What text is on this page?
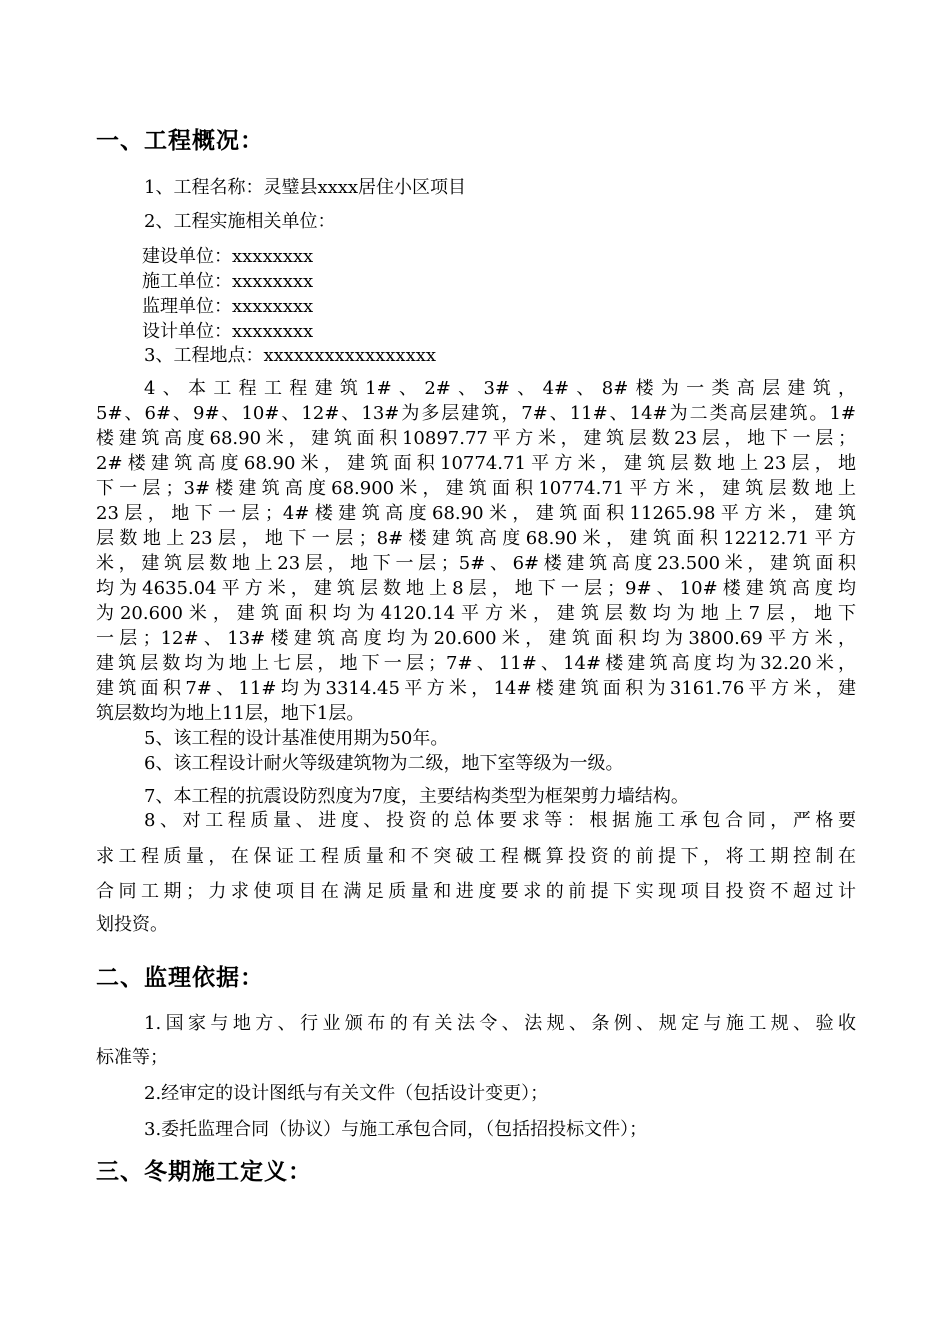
一、工程概况：
1、工程名称：灵璧县xxxx居住小区项目
2、工程实施相关单位：
建设单位：xxxxxxxx
施工单位：xxxxxxxx
监理单位：xxxxxxxx
设计单位：xxxxxxxx
3、工程地点：xxxxxxxxxxxxxxxxx
4、本工程工程建筑1#、2#、3#、4#、8#楼为一类高层建筑，
5#、6#、9#、10#、12#、13#为多层建筑，7#、11#、14#为二类高层建筑。1#
楼建筑高度68.90米，建筑面积10897.77平方米，建筑层数23层，地下一层；
2#楼建筑高度68.90米，建筑面积10774.71平方米，建筑层数地上23层，地
下一层；3#楼建筑高度68.900米，建筑面积10774.71平方米，建筑层数地上
23层，地下一层；4#楼建筑高度68.90米，建筑面积11265.98平方米，建筑
层数地上23层，地下一层；8#楼建筑高度68.90米，建筑面积12212.71平方
米，建筑层数地上23层，地下一层；5#、6#楼建筑高度23.500米，建筑面积
均为4635.04平方米，建筑层数地上8层，地下一层；9#、10#楼建筑高度均
为20.600米，建筑面积均为4120.14平方米，建筑层数均为地上7层，地下
一层；12#、13#楼建筑高度均为20.600米，建筑面积均为3800.69平方米，
建筑层数均为地上七层，地下一层；7#、11#、14#楼建筑高度均为32.20米，
建筑面积7#、11#均为3314.45平方米，14#楼建筑面积为3161.76平方米，建
筑层数均为地上11层，地下1层。
5、该工程的设计基准使用期为50年。
6、该工程设计耐火等级建筑物为二级，地下室等级为一级。
7、本工程的抗震设防烈度为7度，主要结构类型为框架剪力墙结构。
8、对工程质量、进度、投资的总体要求等：根据施工承包合同，严格要
求工程质量，在保证工程质量和不突破工程概算投资的前提下，将工期控制在
合同工期；力求使项目在满足质量和进度要求的前提下实现项目投资不超过计
划投资。
二、监理依据：
1.国家与地方、行业颁布的有关法令、法规、条例、规定与施工规、验收
标准等；
2.经审定的设计图纸与有关文件（包括设计变更）；
3.委托监理合同（协议）与施工承包合同，（包括招投标文件）；
三、冬期施工定义：
